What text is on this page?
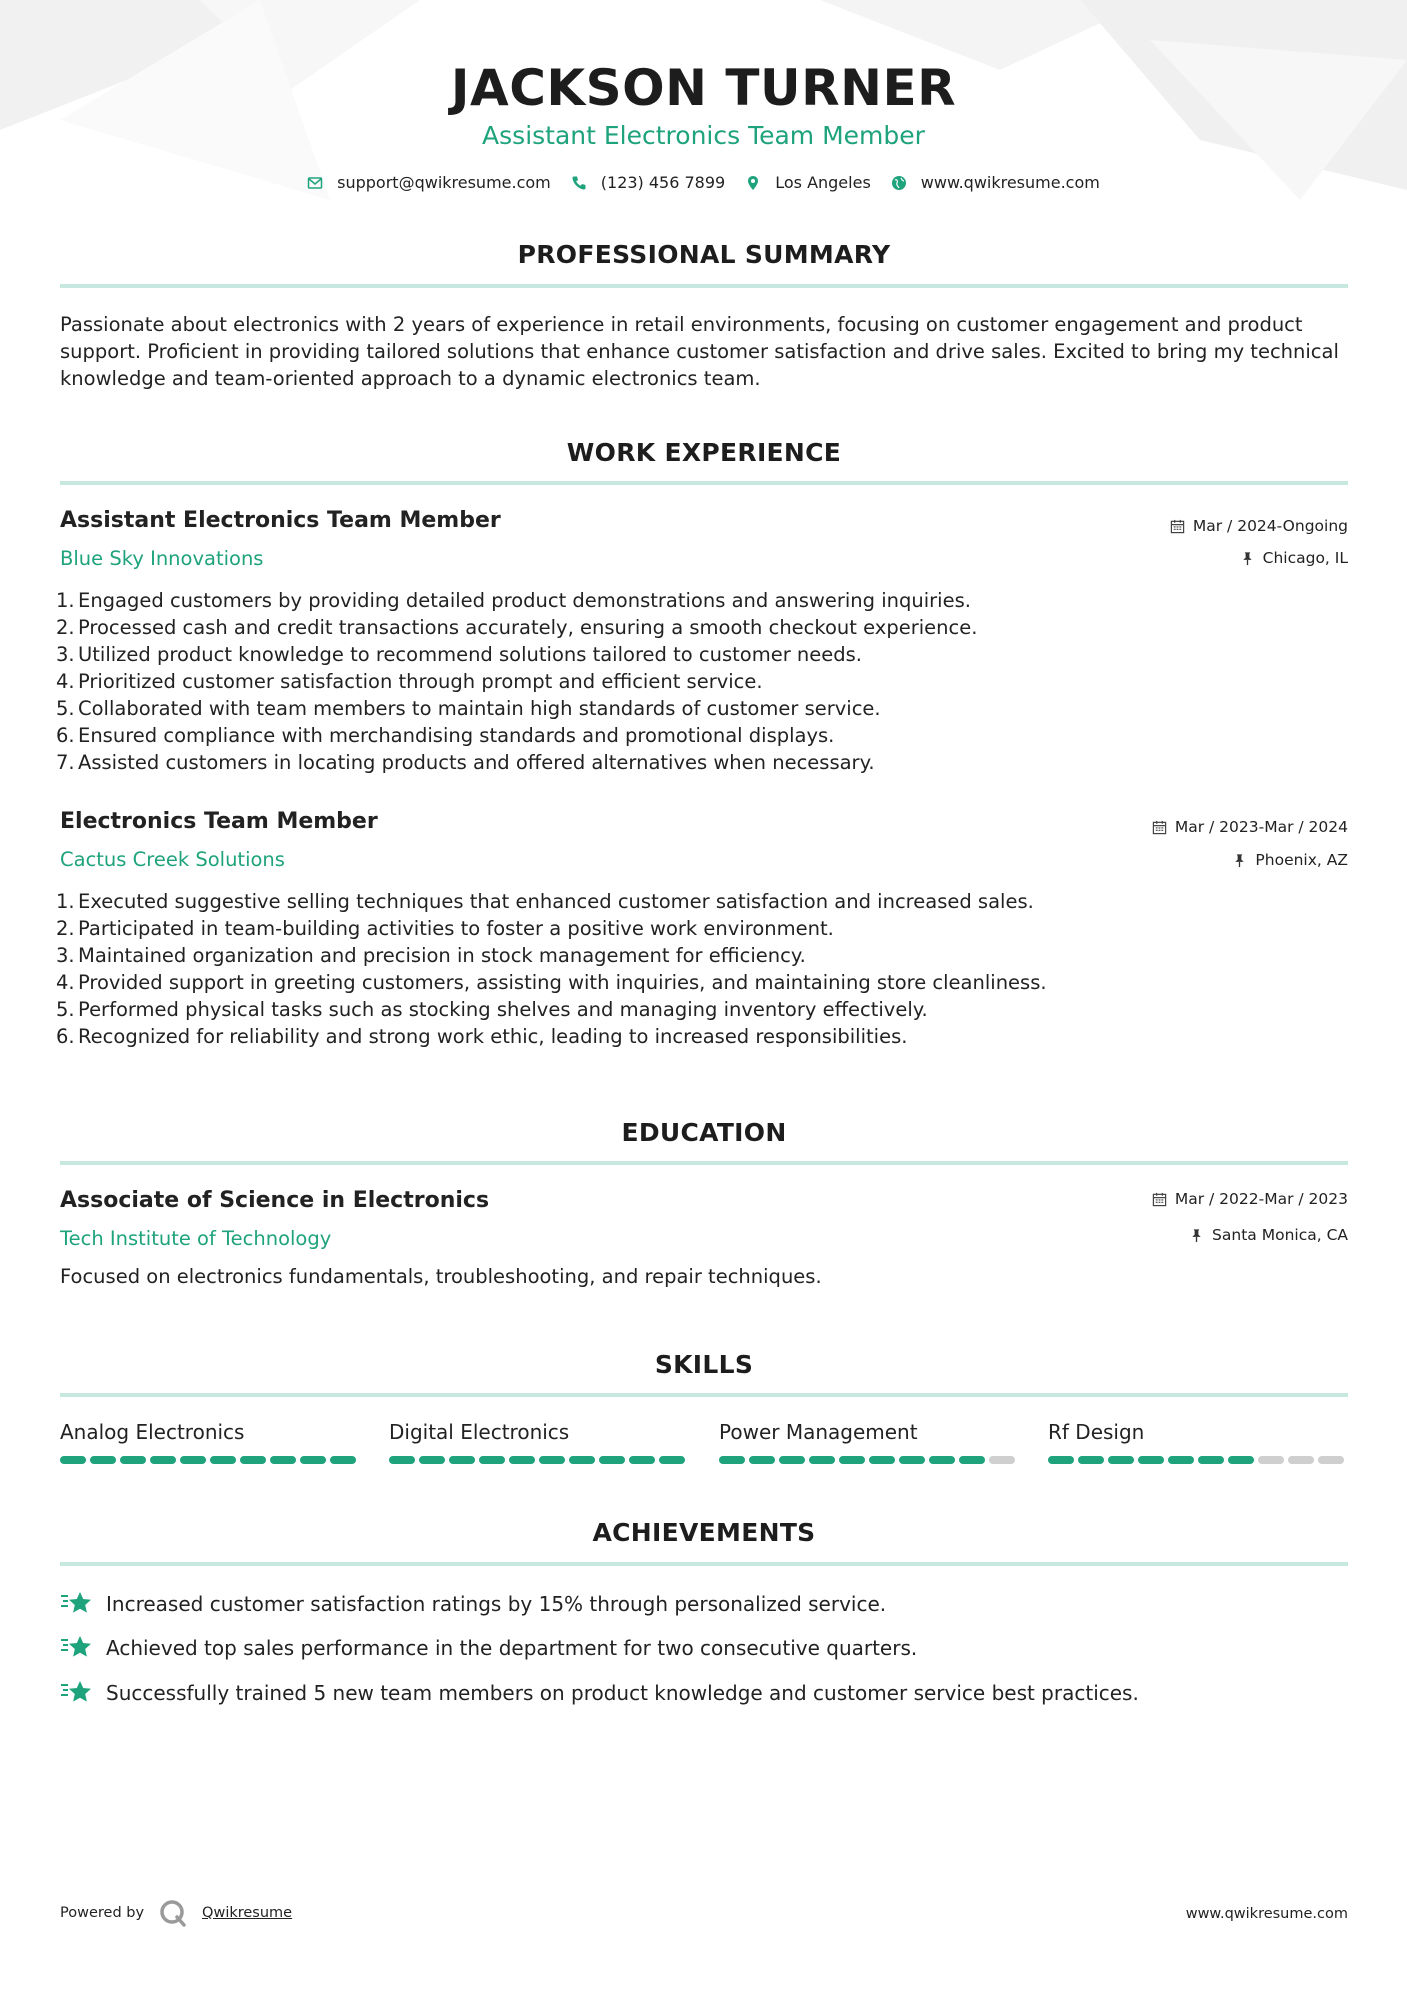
JACKSON TURNER
Assistant Electronics Team Member
support@qwikresume.com	(123) 456 7899	Los Angeles	www.qwikresume.com
PROFESSIONAL SUMMARY
Passionate about electronics with 2 years of experience in retail environments, focusing on customer engagement and product support. Proficient in providing tailored solutions that enhance customer satisfaction and drive sales. Excited to bring my technical knowledge and team-oriented approach to a dynamic electronics team.
WORK EXPERIENCE
Assistant Electronics Team Member	Mar / 2024-Ongoing
Blue Sky Innovations	Chicago, IL
1. Engaged customers by providing detailed product demonstrations and answering inquiries.
2. Processed cash and credit transactions accurately, ensuring a smooth checkout experience.
3. Utilized product knowledge to recommend solutions tailored to customer needs.
4. Prioritized customer satisfaction through prompt and efficient service.
5. Collaborated with team members to maintain high standards of customer service.
6. Ensured compliance with merchandising standards and promotional displays.
7. Assisted customers in locating products and offered alternatives when necessary.
Electronics Team Member	Mar / 2023-Mar / 2024
Cactus Creek Solutions	Phoenix, AZ
1. Executed suggestive selling techniques that enhanced customer satisfaction and increased sales.
2. Participated in team-building activities to foster a positive work environment.
3. Maintained organization and precision in stock management for efficiency.
4. Provided support in greeting customers, assisting with inquiries, and maintaining store cleanliness.
5. Performed physical tasks such as stocking shelves and managing inventory effectively.
6. Recognized for reliability and strong work ethic, leading to increased responsibilities.
EDUCATION
Associate of Science in Electronics	Mar / 2022-Mar / 2023
Tech Institute of Technology	Santa Monica, CA
Focused on electronics fundamentals, troubleshooting, and repair techniques.
SKILLS
Analog Electronics	Digital Electronics	Power Management	Rf Design
ACHIEVEMENTS
Increased customer satisfaction ratings by 15% through personalized service.
Achieved top sales performance in the department for two consecutive quarters.
Successfully trained 5 new team members on product knowledge and customer service best practices.
Powered by	Qwikresume	www.qwikresume.com
